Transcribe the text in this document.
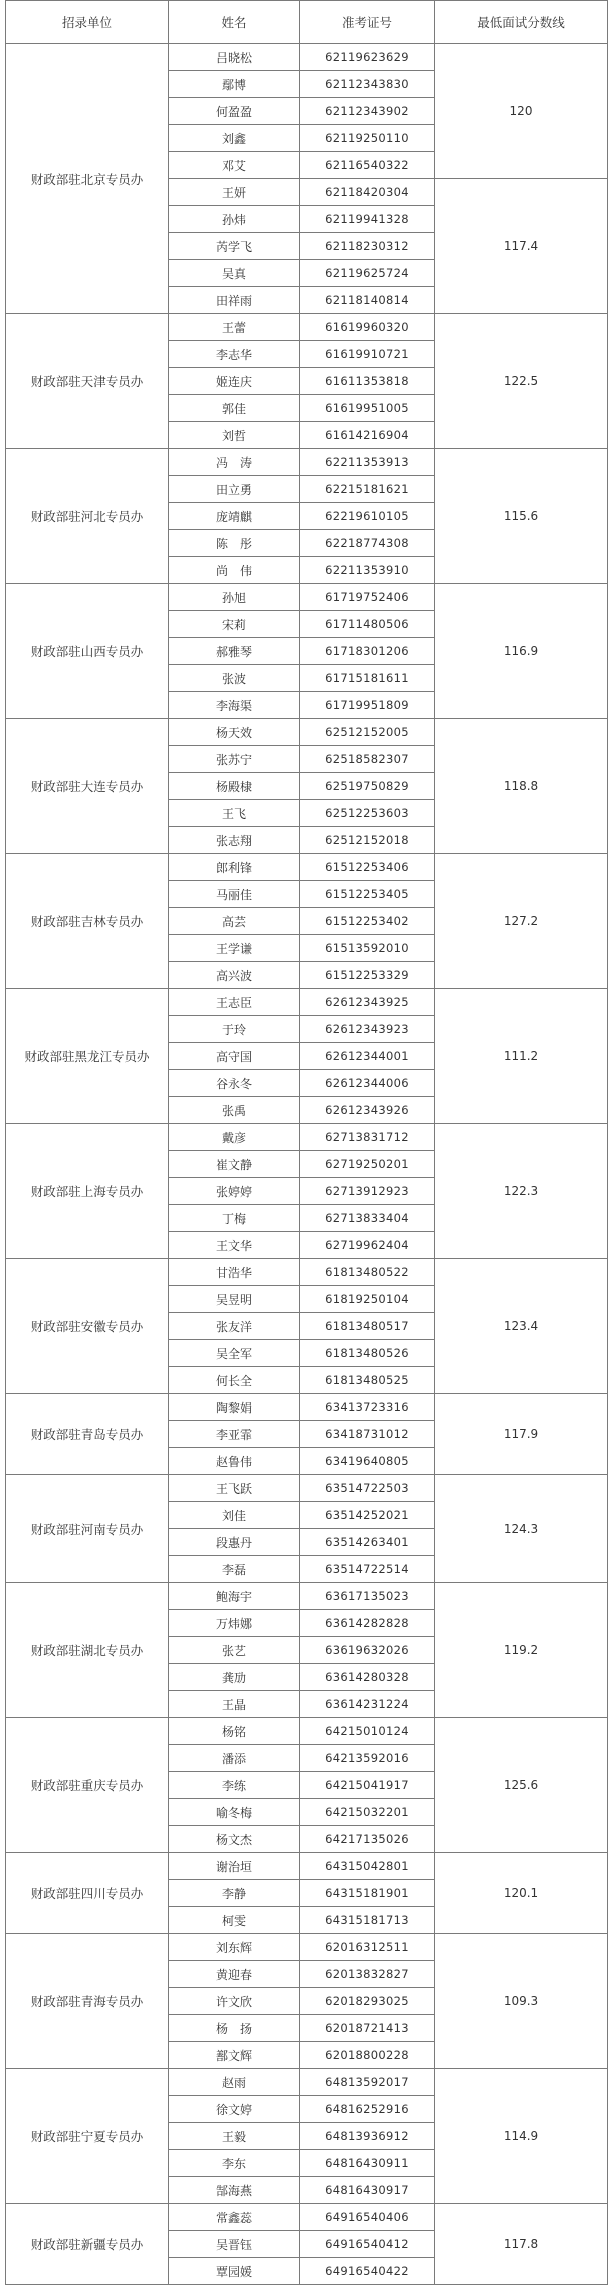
招录单位	姓名	准考证号	最低面试分数线
财政部驻北京专员办	吕晓松	62119623629	120
	鄢博	62112343830	
	何盈盈	62112343902	
	刘鑫	62119250110	
	邓艾	62116540322	
	王妍	62118420304	117.4
	孙炜	62119941328	
	芮学飞	62118230312	
	吴真	62119625724	
	田祥雨	62118140814	
财政部驻天津专员办	王蕾	61619960320	122.5
	李志华	61619910721	
	姬连庆	61611353818	
	郭佳	61619951005	
	刘哲	61614216904	
财政部驻河北专员办	冯　涛	62211353913	115.6
	田立勇	62215181621	
	庞靖麒	62219610105	
	陈　彤	62218774308	
	尚　伟	62211353910	
财政部驻山西专员办	孙旭	61719752406	116.9
	宋莉	61711480506	
	郝雅琴	61718301206	
	张波	61715181611	
	李海渠	61719951809	
财政部驻大连专员办	杨天效	62512152005	118.8
	张苏宁	62518582307	
	杨殿棣	62519750829	
	王飞	62512253603	
	张志翔	62512152018	
财政部驻吉林专员办	郎利锋	61512253406	127.2
	马丽佳	61512253405	
	高芸	61512253402	
	王学谦	61513592010	
	高兴波	61512253329	
财政部驻黑龙江专员办	王志臣	62612343925	111.2
	于玲	62612343923	
	高守国	62612344001	
	谷永冬	62612344006	
	张禹	62612343926	
财政部驻上海专员办	戴彦	62713831712	122.3
	崔文静	62719250201	
	张婷婷	62713912923	
	丁梅	62713833404	
	王文华	62719962404	
财政部驻安徽专员办	甘浩华	61813480522	123.4
	吴昱明	61819250104	
	张友洋	61813480517	
	吴全军	61813480526	
	何长全	61813480525	
财政部驻青岛专员办	陶黎娟	63413723316	117.9
	李亚霏	63418731012	
	赵鲁伟	63419640805	
财政部驻河南专员办	王飞跃	63514722503	124.3
	刘佳	63514252021	
	段惠丹	63514263401	
	李磊	63514722514	
财政部驻湖北专员办	鲍海宇	63617135023	119.2
	万炜娜	63614282828	
	张艺	63619632026	
	龚劢	63614280328	
	王晶	63614231224	
财政部驻重庆专员办	杨铭	64215010124	125.6
	潘添	64213592016	
	李练	64215041917	
	喻冬梅	64215032201	
	杨文杰	64217135026	
财政部驻四川专员办	谢治垣	64315042801	120.1
	李静	64315181901	
	柯雯	64315181713	
财政部驻青海专员办	刘东辉	62016312511	109.3
	黄迎春	62013832827	
	许文欣	62018293025	
	杨　扬	62018721413	
	鄯文辉	62018800228	
财政部驻宁夏专员办	赵雨	64813592017	114.9
	徐文婷	64816252916	
	王毅	64813936912	
	李东	64816430911	
	郜海燕	64816430917	
财政部驻新疆专员办	常鑫蕊	64916540406	117.8
	吴晋钰	64916540412	
	覃园媛	64916540422	
